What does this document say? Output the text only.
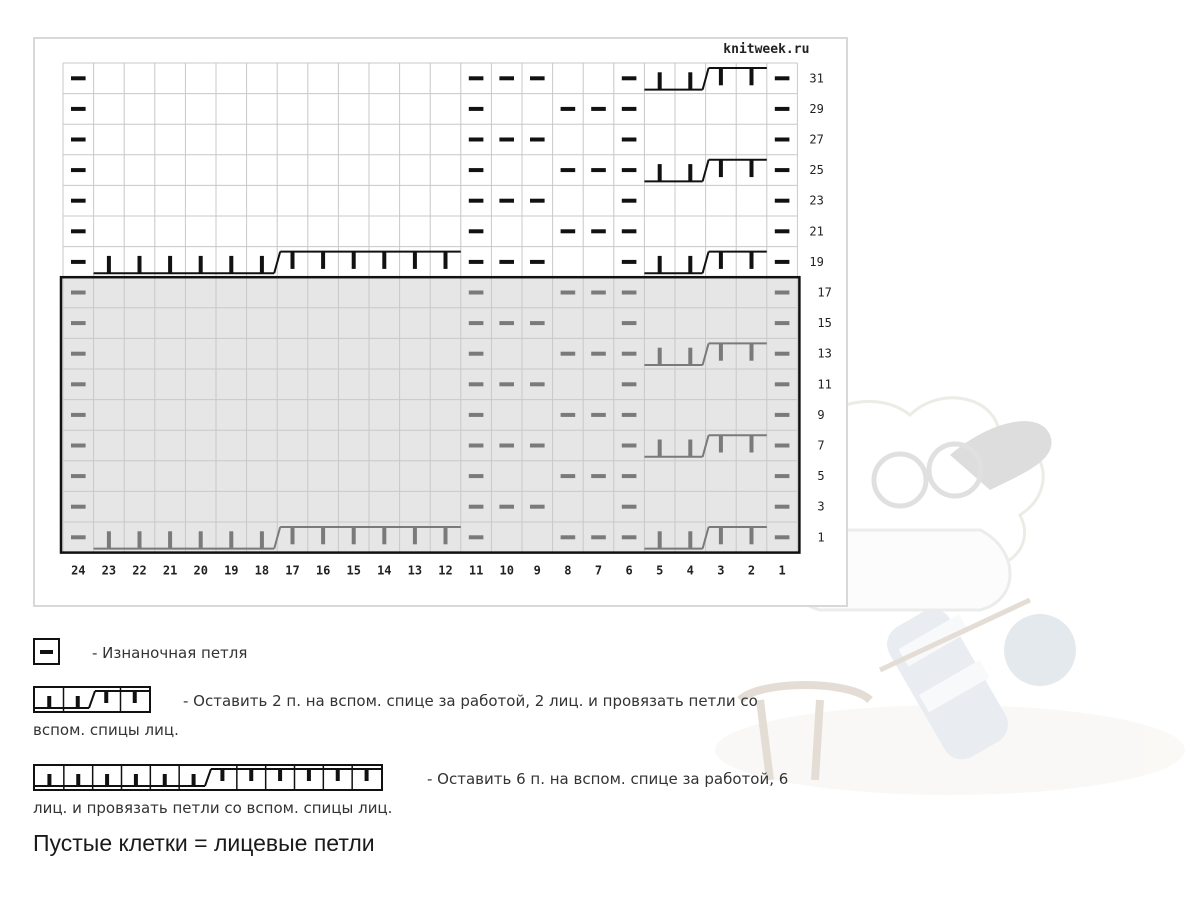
knitweek.ru
31
29
27
25
23
21
19
17
15
13
11
9
7
5
3
1
24 23 22 21 20 19 18 17 16 15 14 13 12 11 10 9 8 7 6 5 4 3 2 1
- Изнаночная петля
- Оставить 2 п. на вспом. спице за работой, 2 лиц. и провязать петли со
вспом. спицы лиц.
- Оставить 6 п. на вспом. спице за работой, 6
лиц. и провязать петли со вспом. спицы лиц.
Пустые клетки = лицевые петли
